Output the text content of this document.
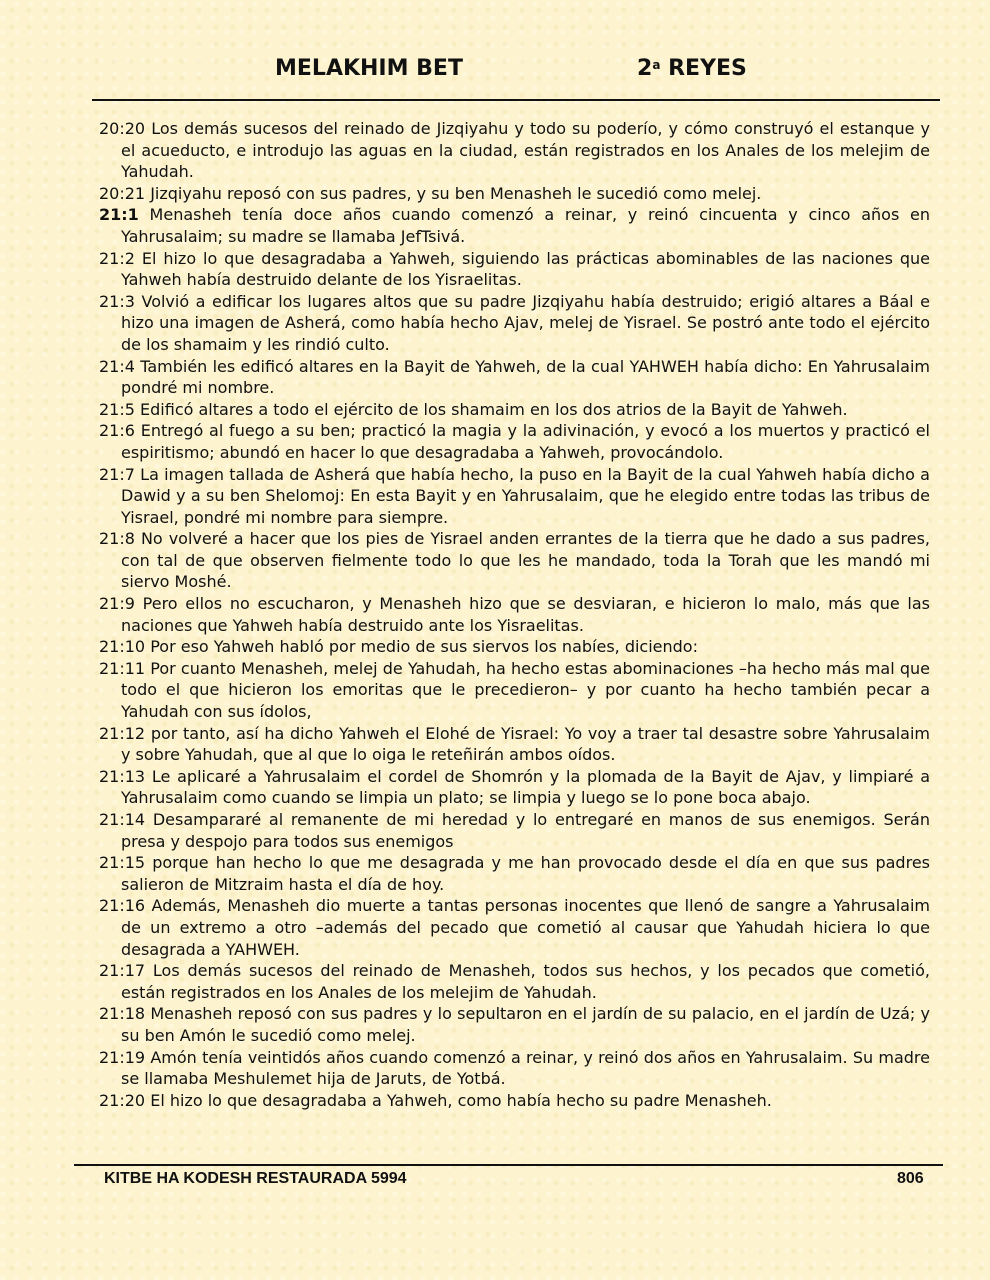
MELAKHIM BET	2$^a$ REYES

20:20 Los demás sucesos del reinado de Jizqiyahu y todo su poderío, y cómo construyó el estanque y el acueducto, e introdujo las aguas en la ciudad, están registrados en los Anales de los melejim de Yahudah.

20:21 Jizqiyahu reposó con sus padres, y su ben Menasheh le sucedió como melej.

21:1 Menasheh tenía doce años cuando comenzó a reinar, y reinó cincuenta y cinco años en Yahrusalaim; su madre se llamaba JefTsivá.

21:2 El hizo lo que desagradaba a Yahweh, siguiendo las prácticas abominables de las naciones que Yahweh había destruido delante de los Yisraelitas.

21:3 Volvió a edificar los lugares altos que su padre Jizqiyahu había destruido; erigió altares a Báal e hizo una imagen de Asherá, como había hecho Ajav, melej de Yisrael. Se postró ante todo el ejército de los shamaim y les rindió culto.

21:4 También les edificó altares en la Bayit de Yahweh, de la cual YAHWEH había dicho: En Yahrusalaim pondré mi nombre.

21:5 Edificó altares a todo el ejército de los shamaim en los dos atrios de la Bayit de Yahweh.

21:6 Entregó al fuego a su ben; practicó la magia y la adivinación, y evocó a los muertos y practicó el espiritismo; abundó en hacer lo que desagradaba a Yahweh, provocándolo.

21:7 La imagen tallada de Asherá que había hecho, la puso en la Bayit de la cual Yahweh había dicho a Dawid y a su ben Shelomoj: En esta Bayit y en Yahrusalaim, que he elegido entre todas las tribus de Yisrael, pondré mi nombre para siempre.

21:8 No volveré a hacer que los pies de Yisrael anden errantes de la tierra que he dado a sus padres, con tal de que observen fielmente todo lo que les he mandado, toda la Torah que les mandó mi siervo Moshé.

21:9 Pero ellos no escucharon, y Menasheh hizo que se desviaran, e hicieron lo malo, más que las naciones que Yahweh había destruido ante los Yisraelitas.

21:10 Por eso Yahweh habló por medio de sus siervos los nabíes, diciendo:

21:11 Por cuanto Menasheh, melej de Yahudah, ha hecho estas abominaciones –ha hecho más mal que todo el que hicieron los emoritas que le precedieron– y por cuanto ha hecho también pecar a Yahudah con sus ídolos,

21:12 por tanto, así ha dicho Yahweh el Elohé de Yisrael: Yo voy a traer tal desastre sobre Yahrusalaim y sobre Yahudah, que al que lo oiga le reteñirán ambos oídos.

21:13 Le aplicaré a Yahrusalaim el cordel de Shomrón y la plomada de la Bayit de Ajav, y limpiaré a Yahrusalaim como cuando se limpia un plato; se limpia y luego se lo pone boca abajo.

21:14 Desampararé al remanente de mi heredad y lo entregaré en manos de sus enemigos. Serán presa y despojo para todos sus enemigos

21:15 porque han hecho lo que me desagrada y me han provocado desde el día en que sus padres salieron de Mitzraim hasta el día de hoy.

21:16 Además, Menasheh dio muerte a tantas personas inocentes que llenó de sangre a Yahrusalaim de un extremo a otro –además del pecado que cometió al causar que Yahudah hiciera lo que desagrada a YAHWEH.

21:17 Los demás sucesos del reinado de Menasheh, todos sus hechos, y los pecados que cometió, están registrados en los Anales de los melejim de Yahudah.

21:18 Menasheh reposó con sus padres y lo sepultaron en el jardín de su palacio, en el jardín de Uzá; y su ben Amón le sucedió como melej.

21:19 Amón tenía veintidós años cuando comenzó a reinar, y reinó dos años en Yahrusalaim. Su madre se llamaba Meshulemet hija de Jaruts, de Yotbá.

21:20 El hizo lo que desagradaba a Yahweh, como había hecho su padre Menasheh.

KITBE HA KODESH RESTAURADA 5994	806
